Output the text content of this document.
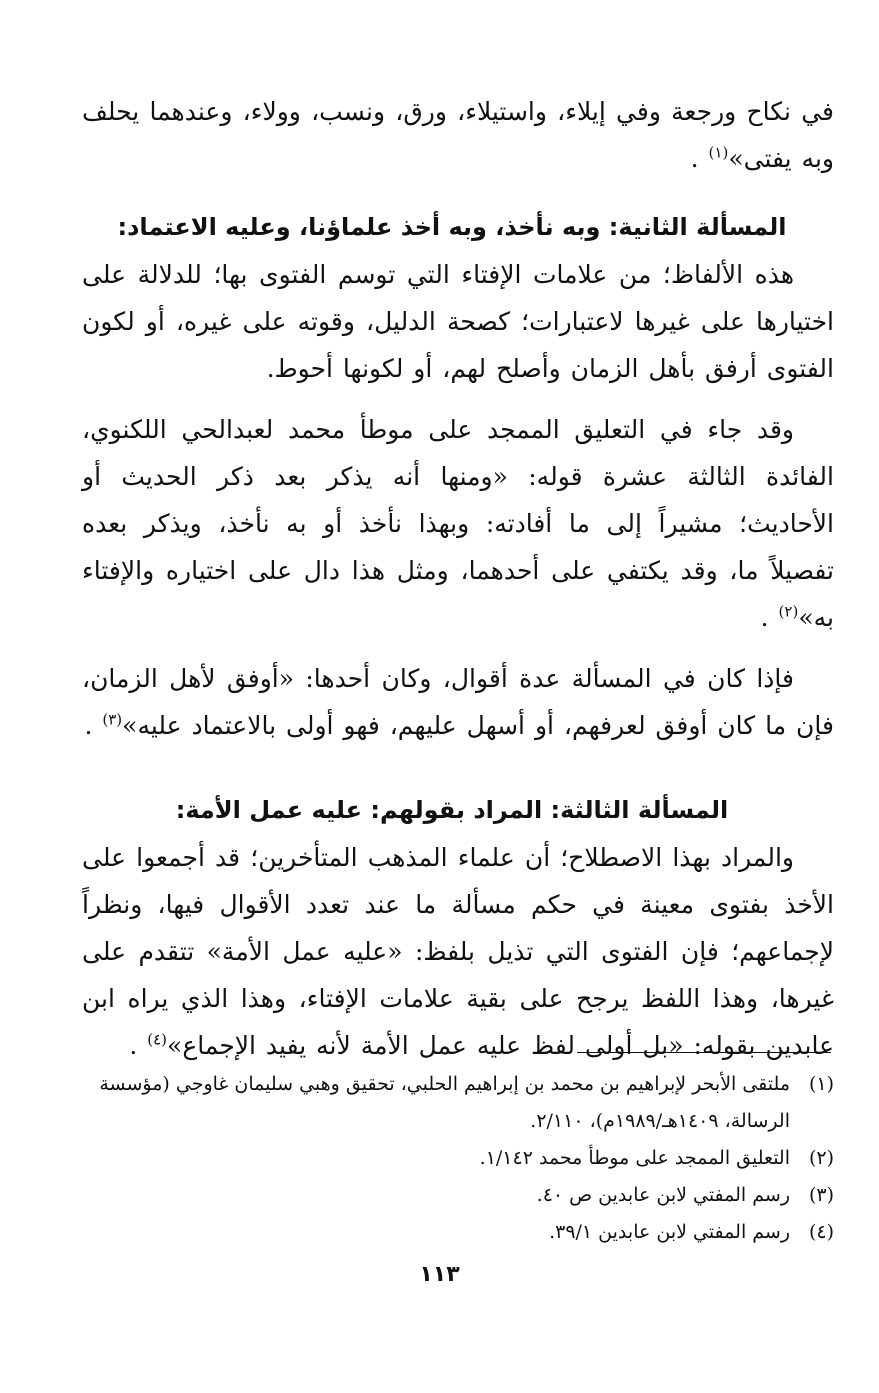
في نكاح ورجعة وفي إيلاء، واستيلاء، ورق، ونسب، وولاء، وعندهما يحلف وبه يفتى»$^{(١)}$ .

المسألة الثانية: وبه نأخذ، وبه أخذ علماؤنا، وعليه الاعتماد:

هذه الألفاظ؛ من علامات الإفتاء التي توسم الفتوى بها؛ للدلالة على اختيارها على غيرها لاعتبارات؛ كصحة الدليل، وقوته على غيره، أو لكون الفتوى أرفق بأهل الزمان وأصلح لهم، أو لكونها أحوط.

وقد جاء في التعليق الممجد على موطأ محمد لعبدالحي اللكنوي، الفائدة الثالثة عشرة قوله: «ومنها أنه يذكر بعد ذكر الحديث أو الأحاديث؛ مشيراً إلى ما أفادته: وبهذا نأخذ أو به نأخذ، ويذكر بعده تفصيلاً ما، وقد يكتفي على أحدهما، ومثل هذا دال على اختياره والإفتاء به»$^{(٢)}$ .

فإذا كان في المسألة عدة أقوال، وكان أحدها: «أوفق لأهل الزمان، فإن ما كان أوفق لعرفهم، أو أسهل عليهم، فهو أولى بالاعتماد عليه»$^{(٣)}$ .

المسألة الثالثة: المراد بقولهم: عليه عمل الأمة:

والمراد بهذا الاصطلاح؛ أن علماء المذهب المتأخرين؛ قد أجمعوا على الأخذ بفتوى معينة في حكم مسألة ما عند تعدد الأقوال فيها، ونظراً لإجماعهم؛ فإن الفتوى التي تذيل بلفظ: «عليه عمل الأمة» تتقدم على غيرها، وهذا اللفظ يرجح على بقية علامات الإفتاء، وهذا الذي يراه ابن عابدين بقوله: «بل أولى لفظ عليه عمل الأمة لأنه يفيد الإجماع»$^{(٤)}$ .

(١)
ملتقى الأبحر لإبراهيم بن محمد بن إبراهيم الحلبي، تحقيق وهبي سليمان غاوجي (مؤسسة الرسالة، ١٤٠٩هـ/١٩٨٩م)، ٢/١١٠.
(٢)
التعليق الممجد على موطأ محمد ١/١٤٢.
(٣)
رسم المفتي لابن عابدين ص ٤٠.
(٤)
رسم المفتي لابن عابدين ٣٩/١.
١١٣
